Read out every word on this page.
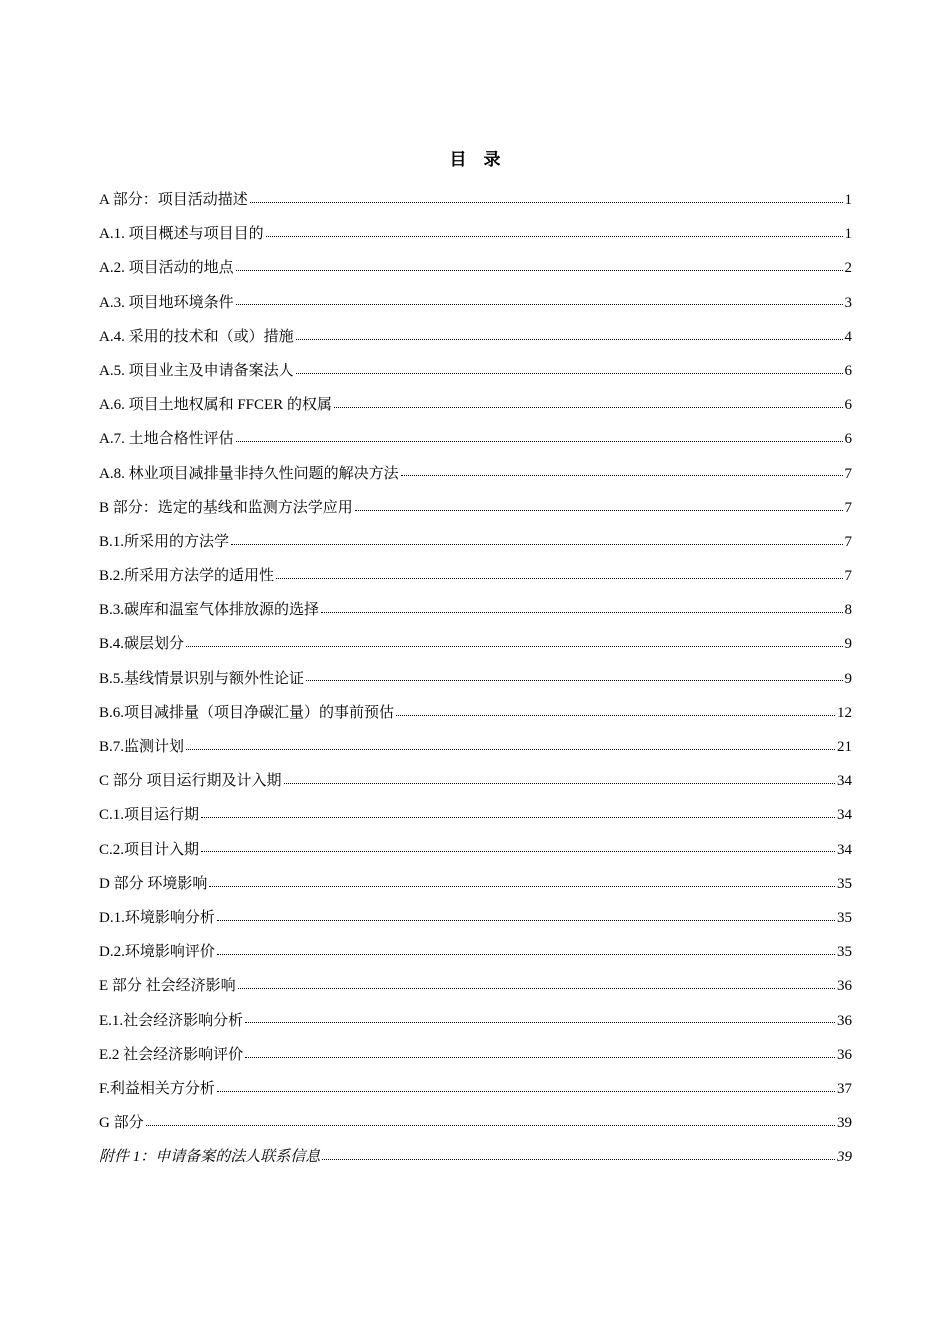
目　录
A 部分：项目活动描述	1
A.1. 项目概述与项目目的	1
A.2. 项目活动的地点	2
A.3. 项目地环境条件	3
A.4. 采用的技术和（或）措施	4
A.5. 项目业主及申请备案法人	6
A.6. 项目土地权属和 FFCER 的权属	6
A.7. 土地合格性评估	6
A.8. 林业项目减排量非持久性问题的解决方法	7
B 部分：选定的基线和监测方法学应用	7
B.1.所采用的方法学	7
B.2.所采用方法学的适用性	7
B.3.碳库和温室气体排放源的选择	8
B.4.碳层划分	9
B.5.基线情景识别与额外性论证	9
B.6.项目减排量（项目净碳汇量）的事前预估	12
B.7.监测计划	21
C 部分 项目运行期及计入期	34
C.1.项目运行期	34
C.2.项目计入期	34
D 部分 环境影响	35
D.1.环境影响分析	35
D.2.环境影响评价	35
E 部分 社会经济影响	36
E.1.社会经济影响分析	36
E.2 社会经济影响评价	36
F.利益相关方分析	37
G 部分	39
附件 1：申请备案的法人联系信息	39
